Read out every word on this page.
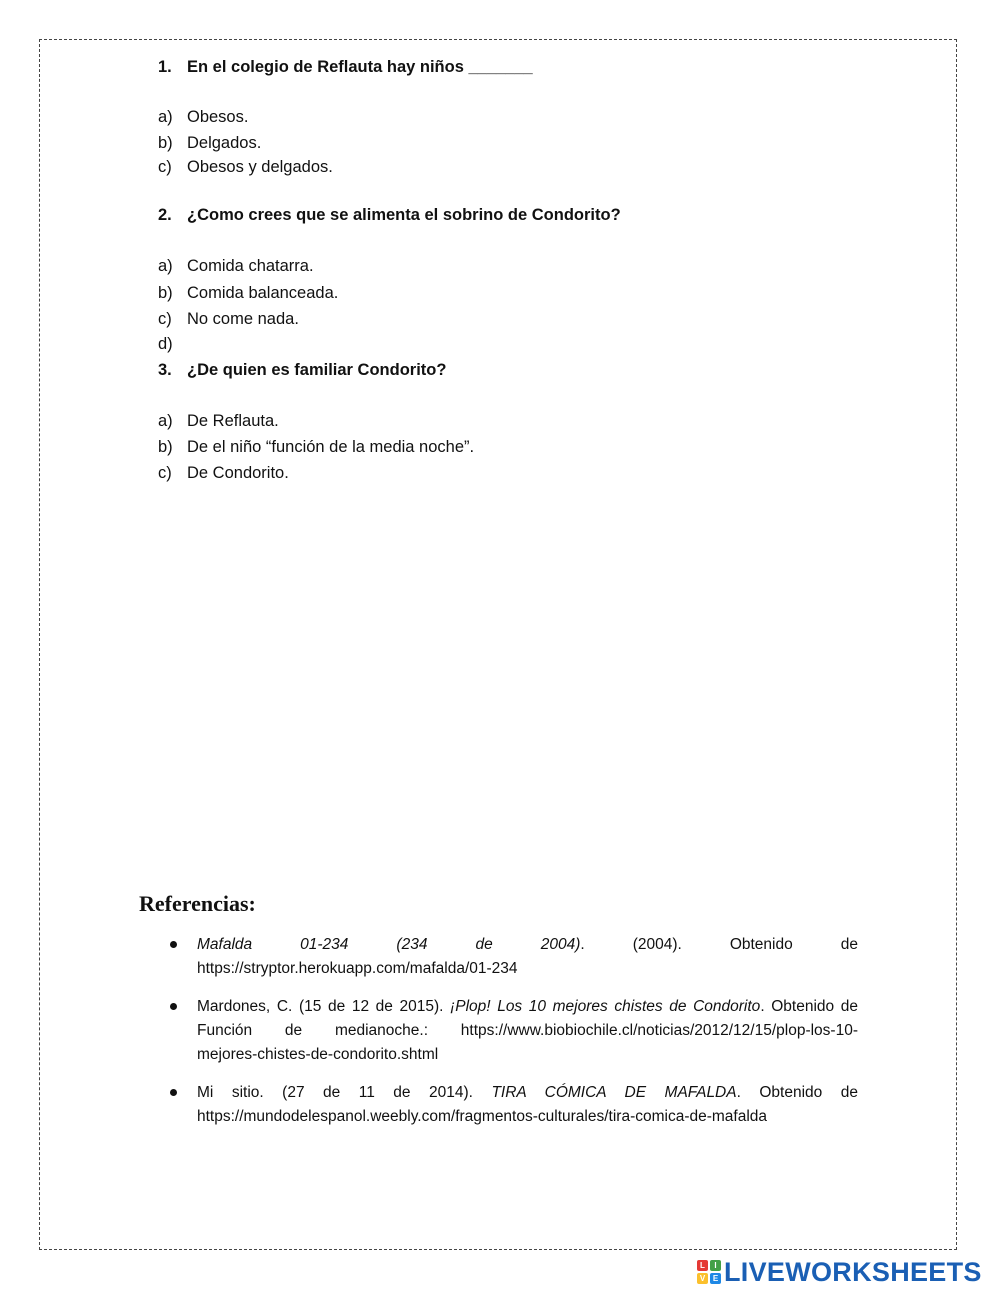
1. En el colegio de Reflauta hay niños _______
a) Obesos.
b) Delgados.
c) Obesos y delgados.
2. ¿Como crees que se alimenta el sobrino de Condorito?
a) Comida chatarra.
b) Comida balanceada.
c) No come nada.
d)
3. ¿De quien es familiar Condorito?
a) De Reflauta.
b) De el niño “función de la media noche”.
c) De Condorito.
Referencias:
Mafalda 01-234 (234 de 2004). (2004). Obtenido de
https://stryptor.herokuapp.com/mafalda/01-234
Mardones, C. (15 de 12 de 2015). ¡Plop! Los 10 mejores chistes de Condorito. Obtenido de
Función de medianoche.: https://www.biobiochile.cl/noticias/2012/12/15/plop-los-10-
mejores-chistes-de-condorito.shtml
Mi sitio. (27 de 11 de 2014). TIRA CÓMICA DE MAFALDA. Obtenido de
https://mundodelespanol.weebly.com/fragmentos-culturales/tira-comica-de-mafalda
L	I
V E LIVEWORKSHEETS
